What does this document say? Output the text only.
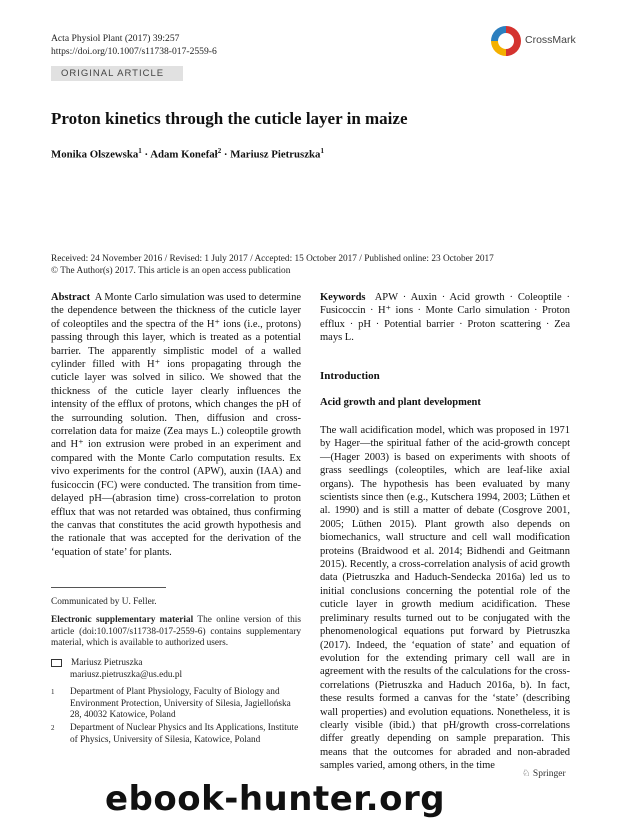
Acta Physiol Plant (2017) 39:257
https://doi.org/10.1007/s11738-017-2559-6
CrossMark
ORIGINAL ARTICLE
Proton kinetics through the cuticle layer in maize
Monika Olszewska$^1$ · Adam Konefał$^2$ · Mariusz Pietruszka$^1$
Received: 24 November 2016 / Revised: 1 July 2017 / Accepted: 15 October 2017 / Published online: 23 October 2017
© The Author(s) 2017. This article is an open access publication
Abstract A Monte Carlo simulation was used to determine the dependence between the thickness of the cuticle layer of coleoptiles and the spectra of the H⁺ ions (i.e., protons) passing through this layer, which is treated as a potential barrier. The apparently simplistic model of a walled cylinder filled with H⁺ ions propagating through the cuticle layer was solved in silico. We showed that the thickness of the cuticle layer clearly influences the intensity of the efflux of protons, which changes the pH of the surrounding solution. Then, diffusion and cross-correlation data for maize (Zea mays L.) coleoptile growth and H⁺ ion extrusion were probed in an experiment and compared with the Monte Carlo computation results. Ex vivo experiments for the control (APW), auxin (IAA) and fusicoccin (FC) were conducted. The transition from time-delayed pH—(abrasion time) cross-correlation to proton efflux that was not retarded was obtained, thus confirming the canvas that constitutes the acid growth hypothesis and the rationale that was accepted for the derivation of the ‘equation of state’ for plants.
Keywords APW · Auxin · Acid growth · Coleoptile · Fusicoccin · H⁺ ions · Monte Carlo simulation · Proton efflux · pH · Potential barrier · Proton scattering · Zea mays L.
Introduction
Acid growth and plant development
The wall acidification model, which was proposed in 1971 by Hager—the spiritual father of the acid-growth concept—(Hager 2003) is based on experiments with shoots of grass seedlings (coleoptiles, which are leaf-like axial organs). The hypothesis has been evaluated by many scientists since then (e.g., Kutschera 1994, 2003; Lüthen et al. 1990) and is still a matter of debate (Cosgrove 2001, 2005; Lüthen 2015). Plant growth also depends on biomechanics, wall structure and cell wall modification proteins (Braidwood et al. 2014; Bidhendi and Geitmann 2015). Recently, a cross-correlation analysis of acid growth data (Pietruszka and Haduch-Sendecka 2016a) led us to initial conclusions concerning the potential role of the cuticle layer in growth medium acidification. These preliminary results turned out to be conjugated with the phenomenological equations put forward by Pietruszka (2017). Indeed, the ‘equation of state’ and equation of evolution for the extending primary cell wall are in agreement with the results of the calculations for the cross-correlations (Pietruszka and Haduch 2016a, b). In fact, these results formed a canvas for the ‘state’ (describing wall properties) and evolution equations. Nonetheless, it is clearly visible (ibid.) that pH/growth cross-correlations differ greatly depending on sample preparation. This means that the outcomes for abraded and non-abraded samples varied, among others, in the time
Communicated by U. Feller.
Electronic supplementary material The online version of this article (doi:10.1007/s11738-017-2559-6) contains supplementary material, which is available to authorized users.
Mariusz Pietruszka
mariusz.pietruszka@us.edu.pl
1 Department of Plant Physiology, Faculty of Biology and Environment Protection, University of Silesia, Jagiellońska 28, 40032 Katowice, Poland
2 Department of Nuclear Physics and Its Applications, Institute of Physics, University of Silesia, Katowice, Poland
♘ Springer
ebook-hunter.org
